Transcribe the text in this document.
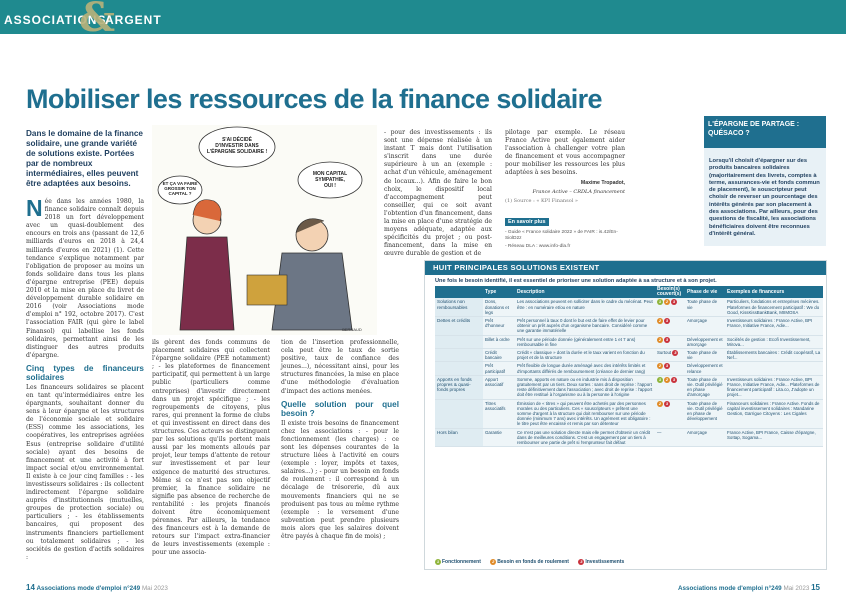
ASSOCIATIONS
&
ARGENT
Mobiliser les ressources de la finance solidaire
Dans le domaine de la finance solidaire, une grande variété de solutions existe. Portées par de nombreux intermédiaires, elles peuvent être adaptées aux besoins.

Née dans les années 1980, la finance solidaire connaît depuis 2018 un fort développement avec un quasi-doublement des encours en trois ans (passant de 12,6 milliards d'euros en 2018 à 24,4 milliards d'euros en 2021) (1). Cette tendance s'explique notamment par l'obligation de proposer au moins un fonds solidaire dans tous les plans d'épargne entreprise (PEE) depuis 2010 et la mise en place du livret de développement durable solidaire en 2016 (voir Associations mode d'emploi n° 192, octobre 2017). C'est l'association FAIR (qui gère le label Finansol) qui labellise les fonds solidaires, permettant ainsi de les distinguer des autres produits d'épargne.

Cinq types de financeurs solidaires

Les financeurs solidaires se placent en tant qu'intermédiaires entre les épargnants, souhaitant donner du sens à leur épargne et les structures de l'économie sociale et solidaire (ESS) comme les associations, les coopératives, les entreprises agréées Esus (entreprise solidaire d'utilité sociale) ayant des besoins de financement et une activité à fort impact social et/ou environnemental. Il existe à ce jour cinq familles : - les investisseurs solidaires : ils collectent indirectement l'épargne solidaire auprès d'institutionnels (mutuelles, groupes de protection sociale) ou particuliers ; - les établissements bancaires, qui proposent des instruments financiers partiellement ou totalement solidaires ; - les sociétés de gestion d'actifs solidaires :

S'AI DÉCIDÉ D'INVESTIR DANS L'ÉPARGNE SOLIDAIRE !
ET ÇA VA FAIRE GROSSIR TON CAPITAL ?
MON CAPITAL SYMPATHIE, OUI !
BERNAUD

ils gèrent des fonds communs de placement solidaires qui collectent l'épargne solidaire (PEE notamment) ; - les plateformes de financement participatif, qui permettent à un large public (particuliers comme entreprises) d'investir directement dans un projet spécifique ; - les regroupements de citoyens, plus rares, qui prennent la forme de clubs et qui investissent en direct dans des structures. Ces acteurs se distinguent par les solutions qu'ils portent mais aussi par les moments alloués par projet, leur temps d'attente de retour sur investissement et par leur exigence de maturité des structures. Même si ce n'est pas son objectif premier, la finance solidaire ne signifie pas absence de recherche de rentabilité : les projets financés doivent être économiquement pérennes. Par ailleurs, la tendance des financeurs est à la demande de retours sur l'impact extra-financier de leurs investissements (exemple : pour une associa-

tion de l'insertion professionnelle, cela peut être le taux de sortie positive, taux de confiance des jeunes...), nécessitant ainsi, pour les structures financées, la mise en place d'une méthodologie d'évaluation d'impact des actions menées.

Quelle solution pour quel besoin ?

Il existe trois besoins de financement chez les associations : - pour le fonctionnement (les charges) : ce sont les dépenses courantes de la structure liées à l'activité en cours (exemple : loyer, impôts et taxes, salaires...) ; - pour un besoin en fonds de roulement : il correspond à un décalage de trésorerie, dû aux mouvements financiers qui ne se produisent pas tous au même rythme (exemple : le versement d'une subvention peut prendre plusieurs mois alors que les salaires doivent être payés à chaque fin de mois) ;

- pour des investissements : ils sont une dépense réalisée à un instant T mais dont l'utilisation s'inscrit dans une durée supérieure à un an (exemple : achat d'un véhicule, aménagement de locaux...). Afin de faire le bon choix, le dispositif local d'accompagnement peut conseiller, qui ce soit avant l'obtention d'un financement, dans la mise en place d'une stratégie de moyens adéquate, adaptée aux spécificités du projet ; ou post-financement, dans la mise en œuvre durable de gestion et de

pilotage par exemple. Le réseau France Active peut également aider l'association à challenger votre plan de financement et vous accompagner pour mobiliser les ressources les plus adaptées à ses besoins.

Maxime Tropadot,

France Active – CRDLA financement

(1) Source : « KPI Finansol »

En savoir plus
- Guide « France solidaire 2022 » de FAIR : is.42/En-SiolD2z
- Réseau DLA : www.info-dla.fr
L'ÉPARGNE DE PARTAGE : QUÉSACO ?
Lorsqu'il choisit d'épargner sur des produits bancaires solidaires (majoritairement des livrets, comptes à terme, assurances-vie et fonds commun de placement), le souscripteur peut choisir de reverser un pourcentage des intérêts générés par son placement à des associations. Par ailleurs, pour des questions de fiscalité, les associations bénéficiaires doivent être reconnues d'intérêt général.
HUIT PRINCIPALES SOLUTIONS EXISTENT
Une fois le besoin identifié, il est essentiel de prioriser une solution adaptée à sa structure et à son projet.
	Type	Description	Besoin(s) couvert(s)	Phase de vie	Exemples de financeurs
Solutions non remboursables	Dons, donations et legs	Les associations peuvent en solliciter dans le cadre du mécénat. Peut être : en numéraire et/ou en nature	1 2 3	Toute phase de vie	Particuliers, fondations et entreprises mécènes. Plateformes de financement participatif : We do Good, KissKissBankBank, MIIMOSA
Dettes et crédits	Prêt d'honneur	Prêt personnel à taux 0 dont le but est de faire effet de levier pour obtenir un prêt auprès d'un organisme bancaire. Considéré comme une garantie immatérielle	2 3	Amorçage	Investisseurs solidaires : France Active, BPI France, Initiative France, Adie...
	Billet à ordre	Prêt sur une période donnée (généralement entre 1 et 7 ans) remboursable in fine	2 3	Développement et amorçage	Sociétés de gestion : Ecofi Investissement, Mirova...
	Crédit bancaire	Crédit « classique » dont la durée et le taux varient en fonction du projet et de la structure	Surtout 3	Toute phase de vie	Établissements bancaires : Crédit coopératif, La Nef...
	Prêt participatif	Prêt flexible de longue durée aménagé avec des intérêts limités et d'importants différés de remboursement (créance de dernier rang)	2 3	Développement et relance	
Apports en fonds propres & quasi-fonds propres	Apport associatif	Somme, apports en nature ou en industrie mis à disposition gratuitement par un tiers. Deux sortes : sans droit de reprise : l'apport reste définitivement dans l'association ; avec droit de reprise : l'apport doit être restitué à l'organisme ou à la personne à l'origine	1 2 3	Toute phase de vie. Outil privilégié en phase d'amorçage	Investisseurs solidaires : France Active, BPI France, Initiative France, Adie... Plateformes de financement participatif : Lita.co, J'adopte un projet...
	Titres associatifs	Émission de « titres » qui peuvent être achetés par des personnes morales ou des particuliers. Ces « souscripteurs » prêtent une somme d'argent à la structure qui doit rembourser sur une période donnée (minimum 7 ans) avec intérêts. Un agrément est obligatoire : le titre peut être encaissé et remis par son détenteur	2 3	Toute phase de vie. Outil privilégié en phase de développement	Financeurs solidaires : France Active. Fonds de capital investissement solidaires : Mandarine Gestion, Garrigue Citoyens : Les Cigales
Hors bilan	Garantie	Ce n'est pas une solution directe mais elle permet d'obtenir un crédit dans de meilleures conditions. C'est un engagement par un tiers à rembourser une partie de prêt si l'emprunteur fait défaut	—	Amorçage	France Active, BPI France, Caisse d'épargne, SoItap, Sogama...
1 Fonctionnement	2 Besoin en fonds de roulement	3 Investissements
14 Associations mode d'emploi n°249 Mai 2023	Associations mode d'emploi n°249 Mai 2023 15
